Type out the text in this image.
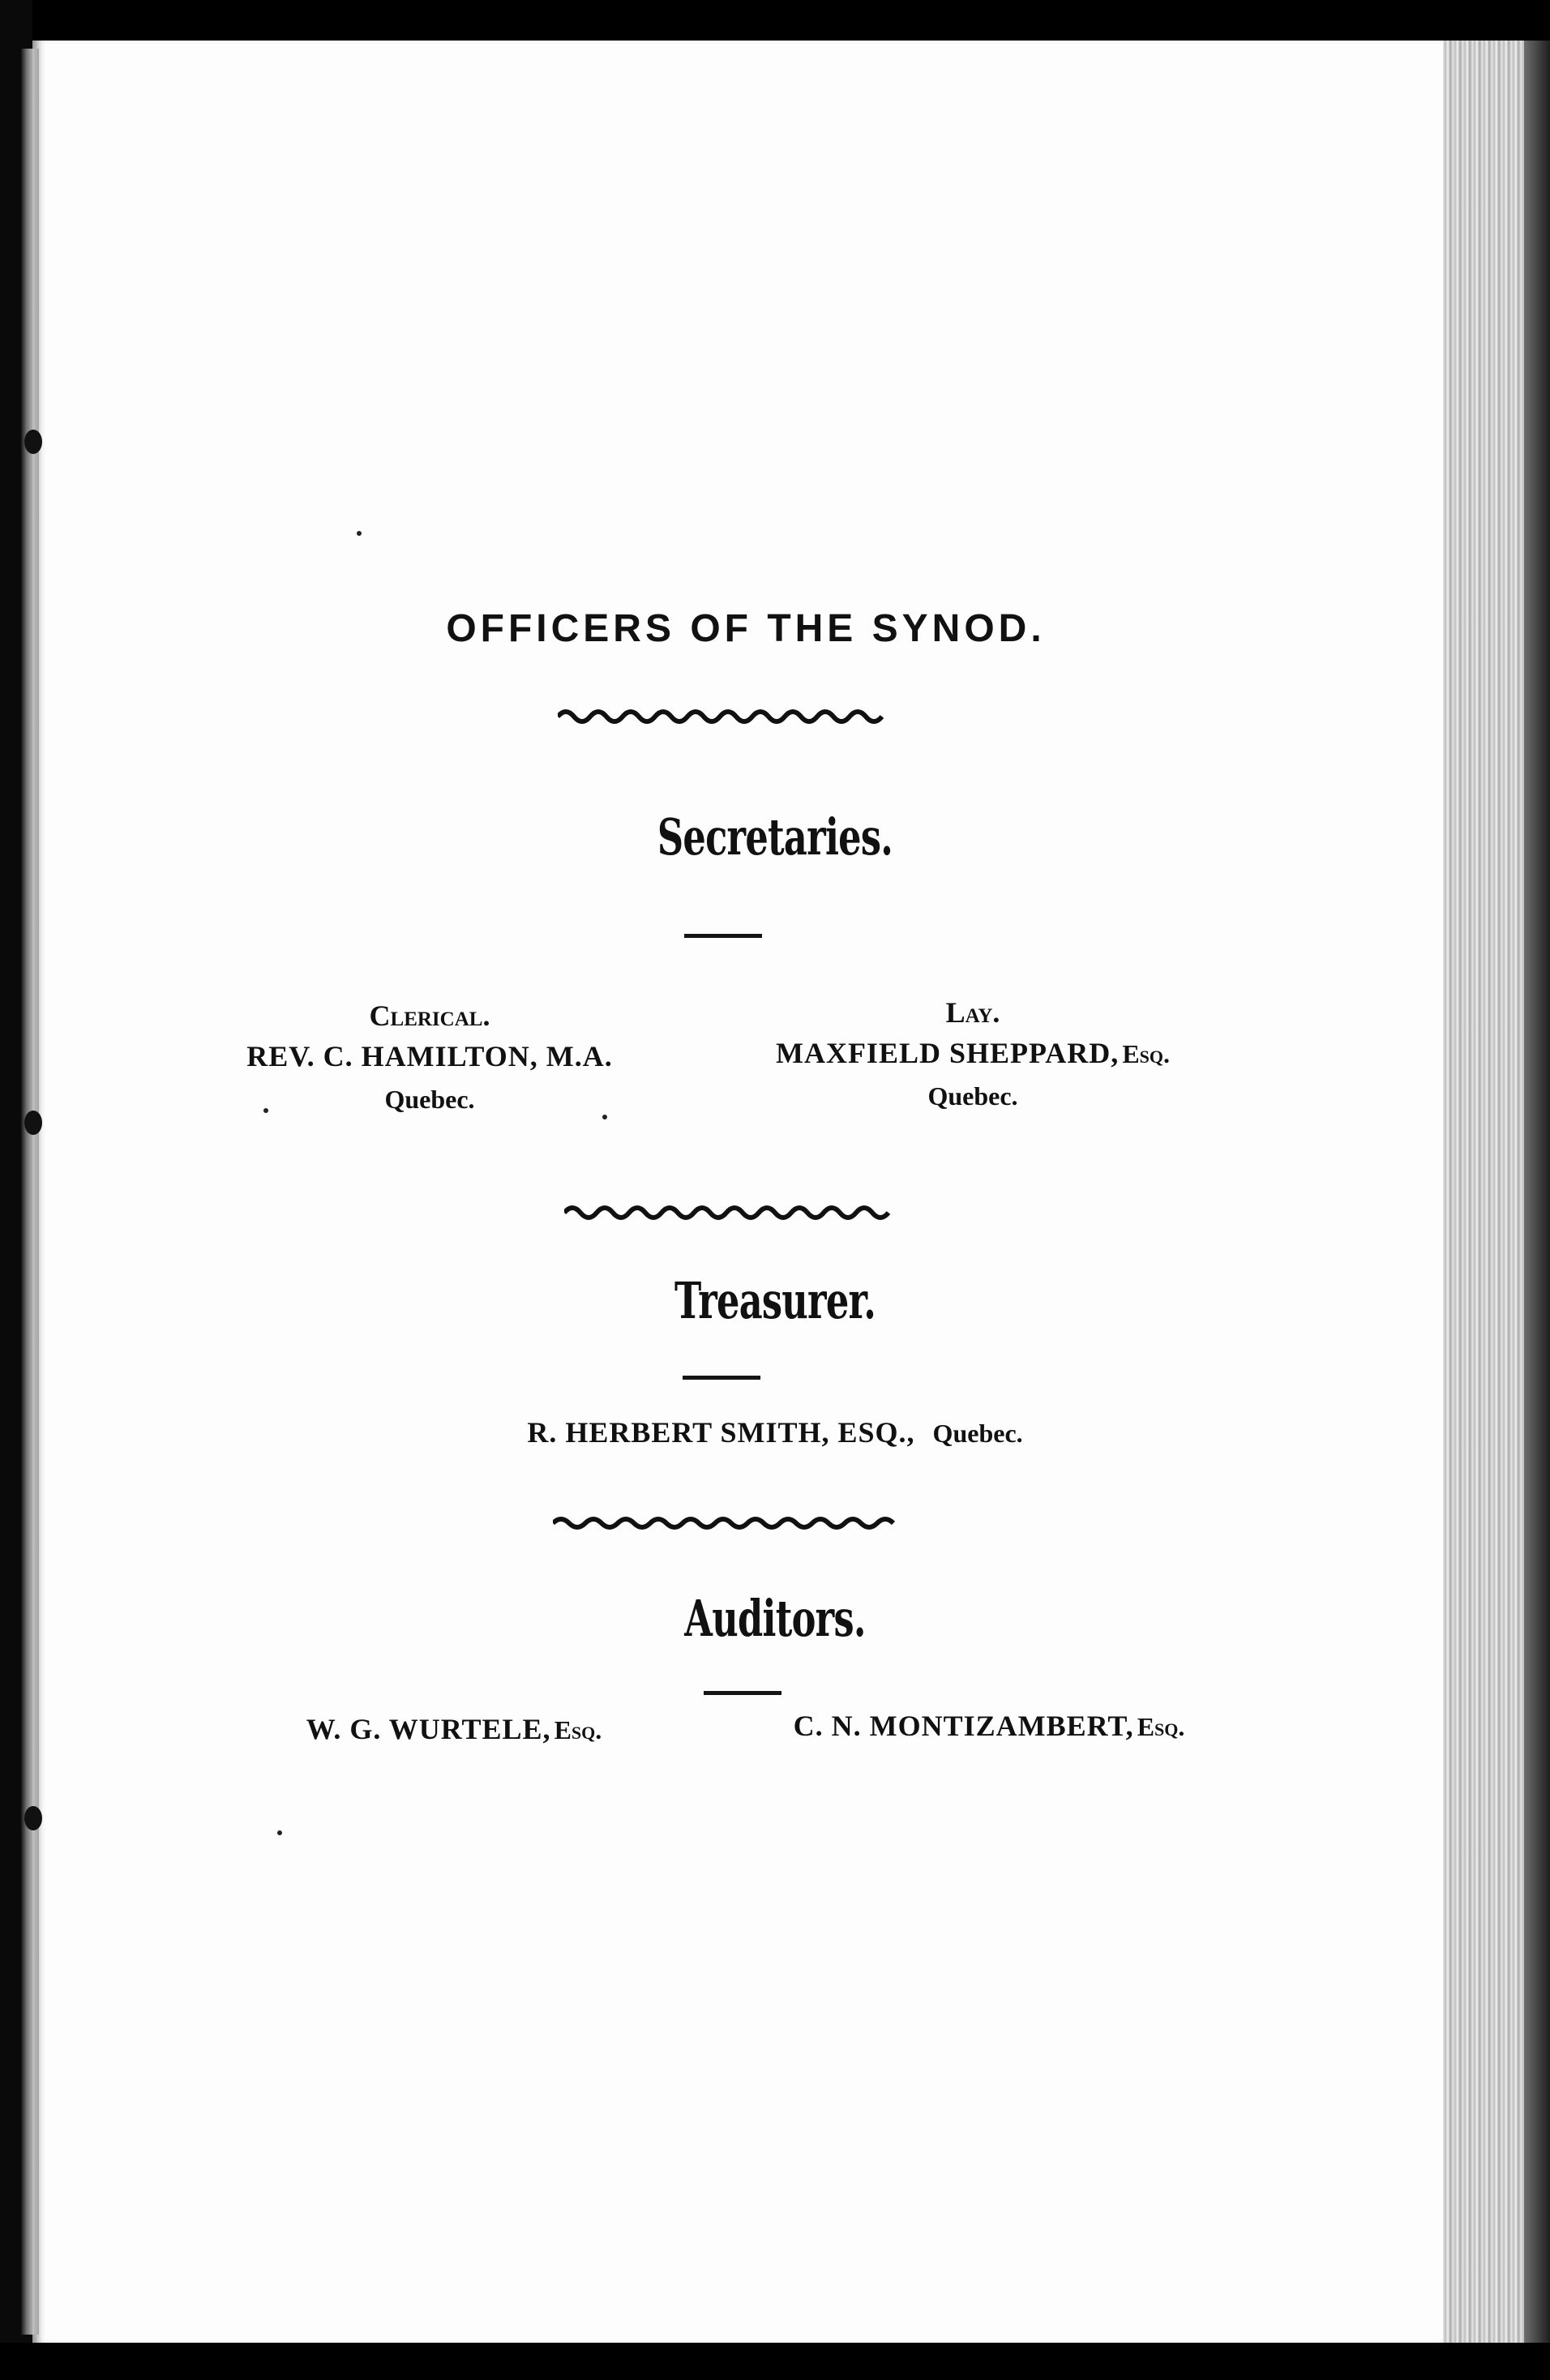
OFFICERS OF THE SYNOD.
Secretaries.
Clerical.
REV. C. HAMILTON, M.A.
Quebec.
Lay.
MAXFIELD SHEPPARD, Esq.
Quebec.
Treasurer.
R. HERBERT SMITH, ESQ., Quebec.
Auditors.
W. G. WURTELE, Esq.	C. N. MONTIZAMBERT, Esq.
